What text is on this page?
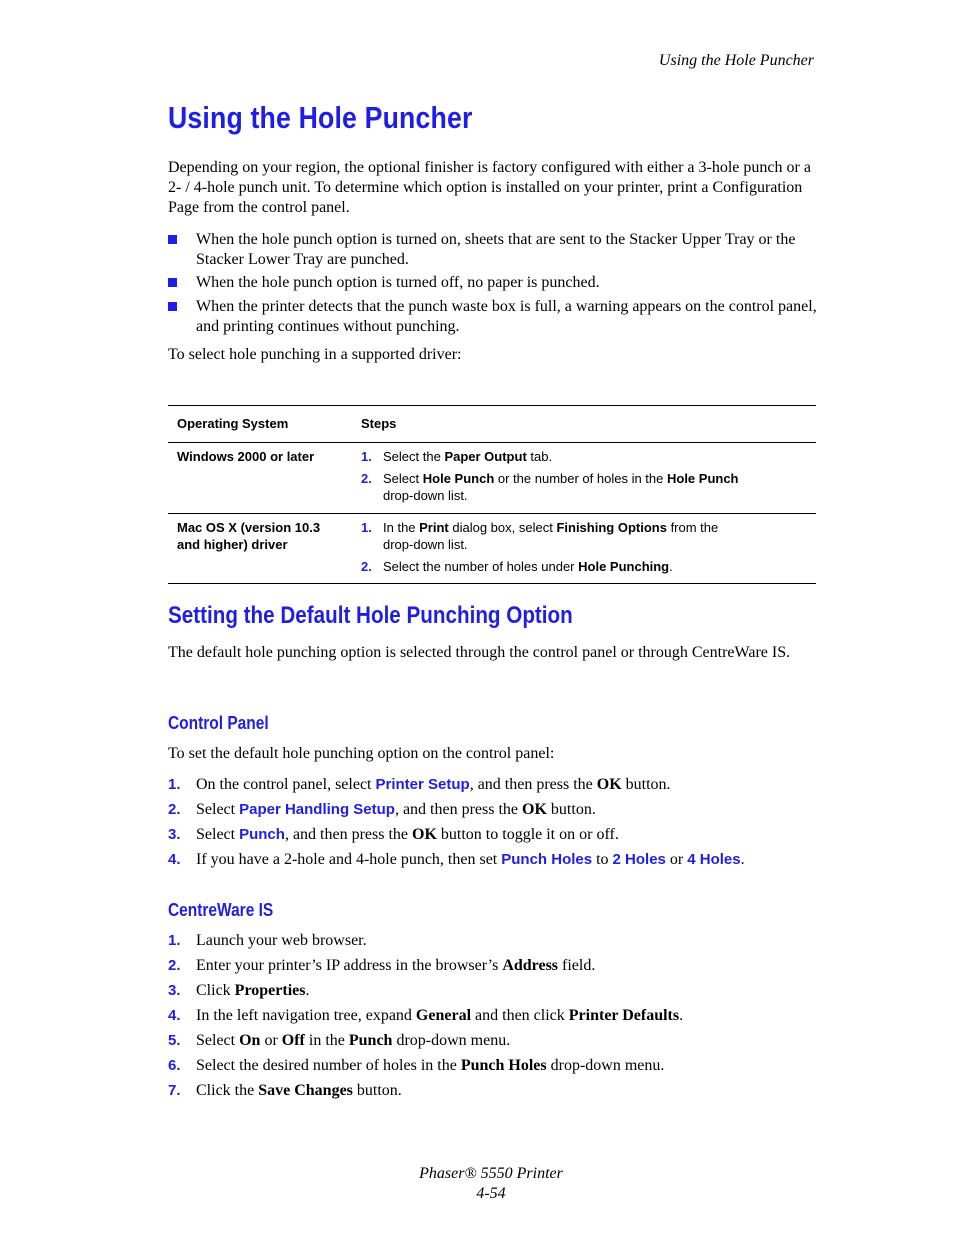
Using the Hole Puncher
Using the Hole Puncher
Depending on your region, the optional finisher is factory configured with either a 3-hole punch or a 2- / 4-hole punch unit. To determine which option is installed on your printer, print a Configuration Page from the control panel.
When the hole punch option is turned on, sheets that are sent to the Stacker Upper Tray or the Stacker Lower Tray are punched.
When the hole punch option is turned off, no paper is punched.
When the printer detects that the punch waste box is full, a warning appears on the control panel, and printing continues without punching.
To select hole punching in a supported driver:
Operating System	Steps
Windows 2000 or later	1. Select the Paper Output tab.
2. Select Hole Punch or the number of holes in the Hole Punch
drop-down list.

Mac OS X (version 10.3 and higher) driver	1. In the Print dialog box, select Finishing Options from the
drop-down list.
2. Select the number of holes under Hole Punching.
Setting the Default Hole Punching Option
The default hole punching option is selected through the control panel or through CentreWare IS.
Control Panel
To set the default hole punching option on the control panel:
1. On the control panel, select Printer Setup, and then press the OK button.
2. Select Paper Handling Setup, and then press the OK button.
3. Select Punch, and then press the OK button to toggle it on or off.
4. If you have a 2-hole and 4-hole punch, then set Punch Holes to 2 Holes or 4 Holes.
CentreWare IS
1. Launch your web browser.
2. Enter your printer’s IP address in the browser’s Address field.
3. Click Properties.
4. In the left navigation tree, expand General and then click Printer Defaults.
5. Select On or Off in the Punch drop-down menu.
6. Select the desired number of holes in the Punch Holes drop-down menu.
7. Click the Save Changes button.
Phaser® 5550 Printer
4-54
